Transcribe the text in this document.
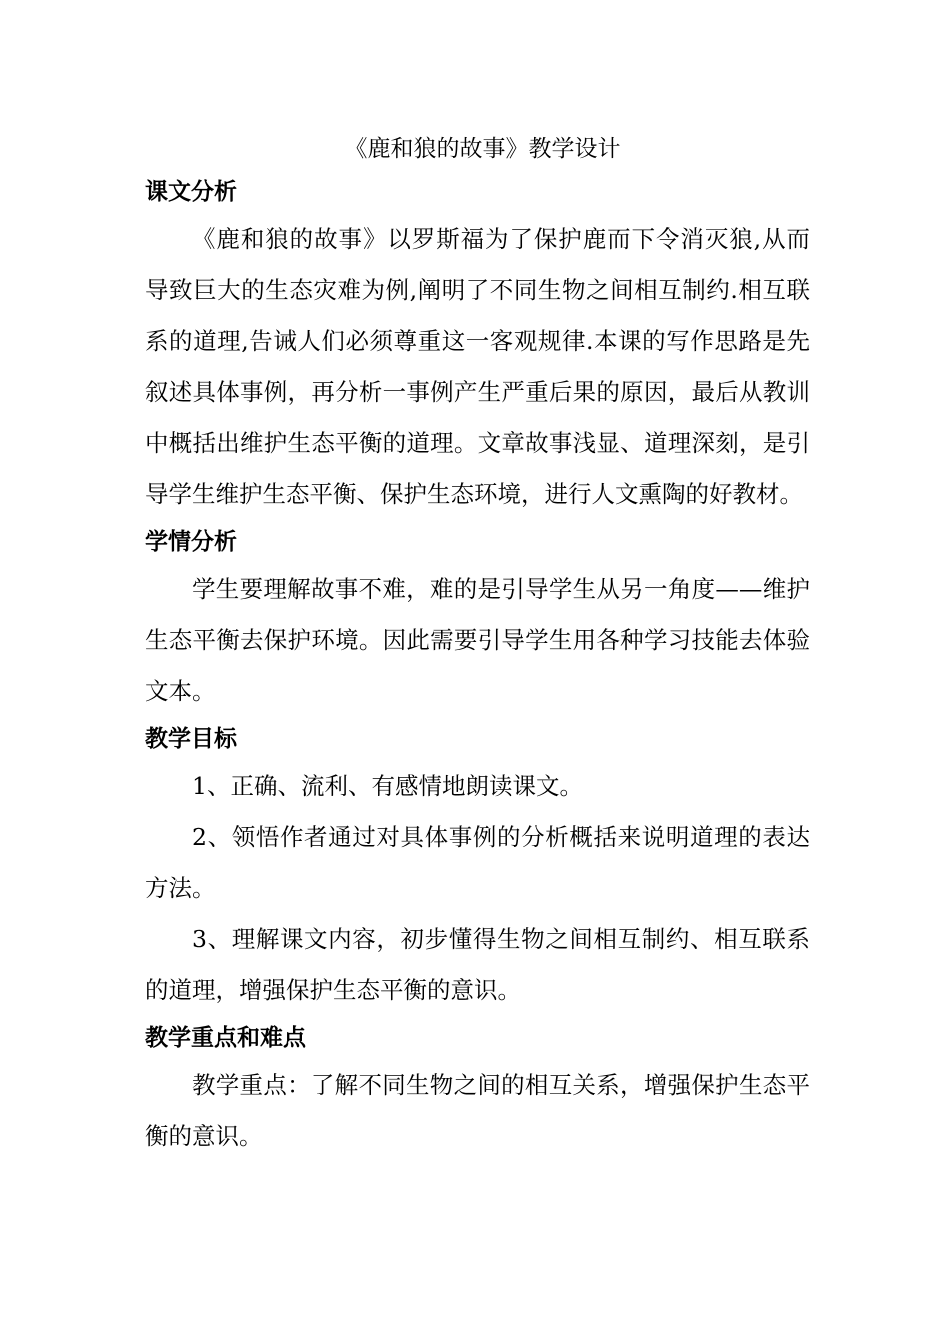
《鹿和狼的故事》教学设计
课文分析

《鹿和狼的故事》以罗斯福为了保护鹿而下令消灭狼,从而导致巨大的生态灾难为例,阐明了不同生物之间相互制约.相互联系的道理,告诫人们必须尊重这一客观规律.本课的写作思路是先叙述具体事例，再分析一事例产生严重后果的原因，最后从教训中概括出维护生态平衡的道理。文章故事浅显、道理深刻，是引导学生维护生态平衡、保护生态环境，进行人文熏陶的好教材。

学情分析

学生要理解故事不难，难的是引导学生从另一角度——维护生态平衡去保护环境。因此需要引导学生用各种学习技能去体验文本。

教学目标

1、正确、流利、有感情地朗读课文。

2、领悟作者通过对具体事例的分析概括来说明道理的表达方法。

3、理解课文内容，初步懂得生物之间相互制约、相互联系的道理，增强保护生态平衡的意识。

教学重点和难点

教学重点：了解不同生物之间的相互关系，增强保护生态平衡的意识。
